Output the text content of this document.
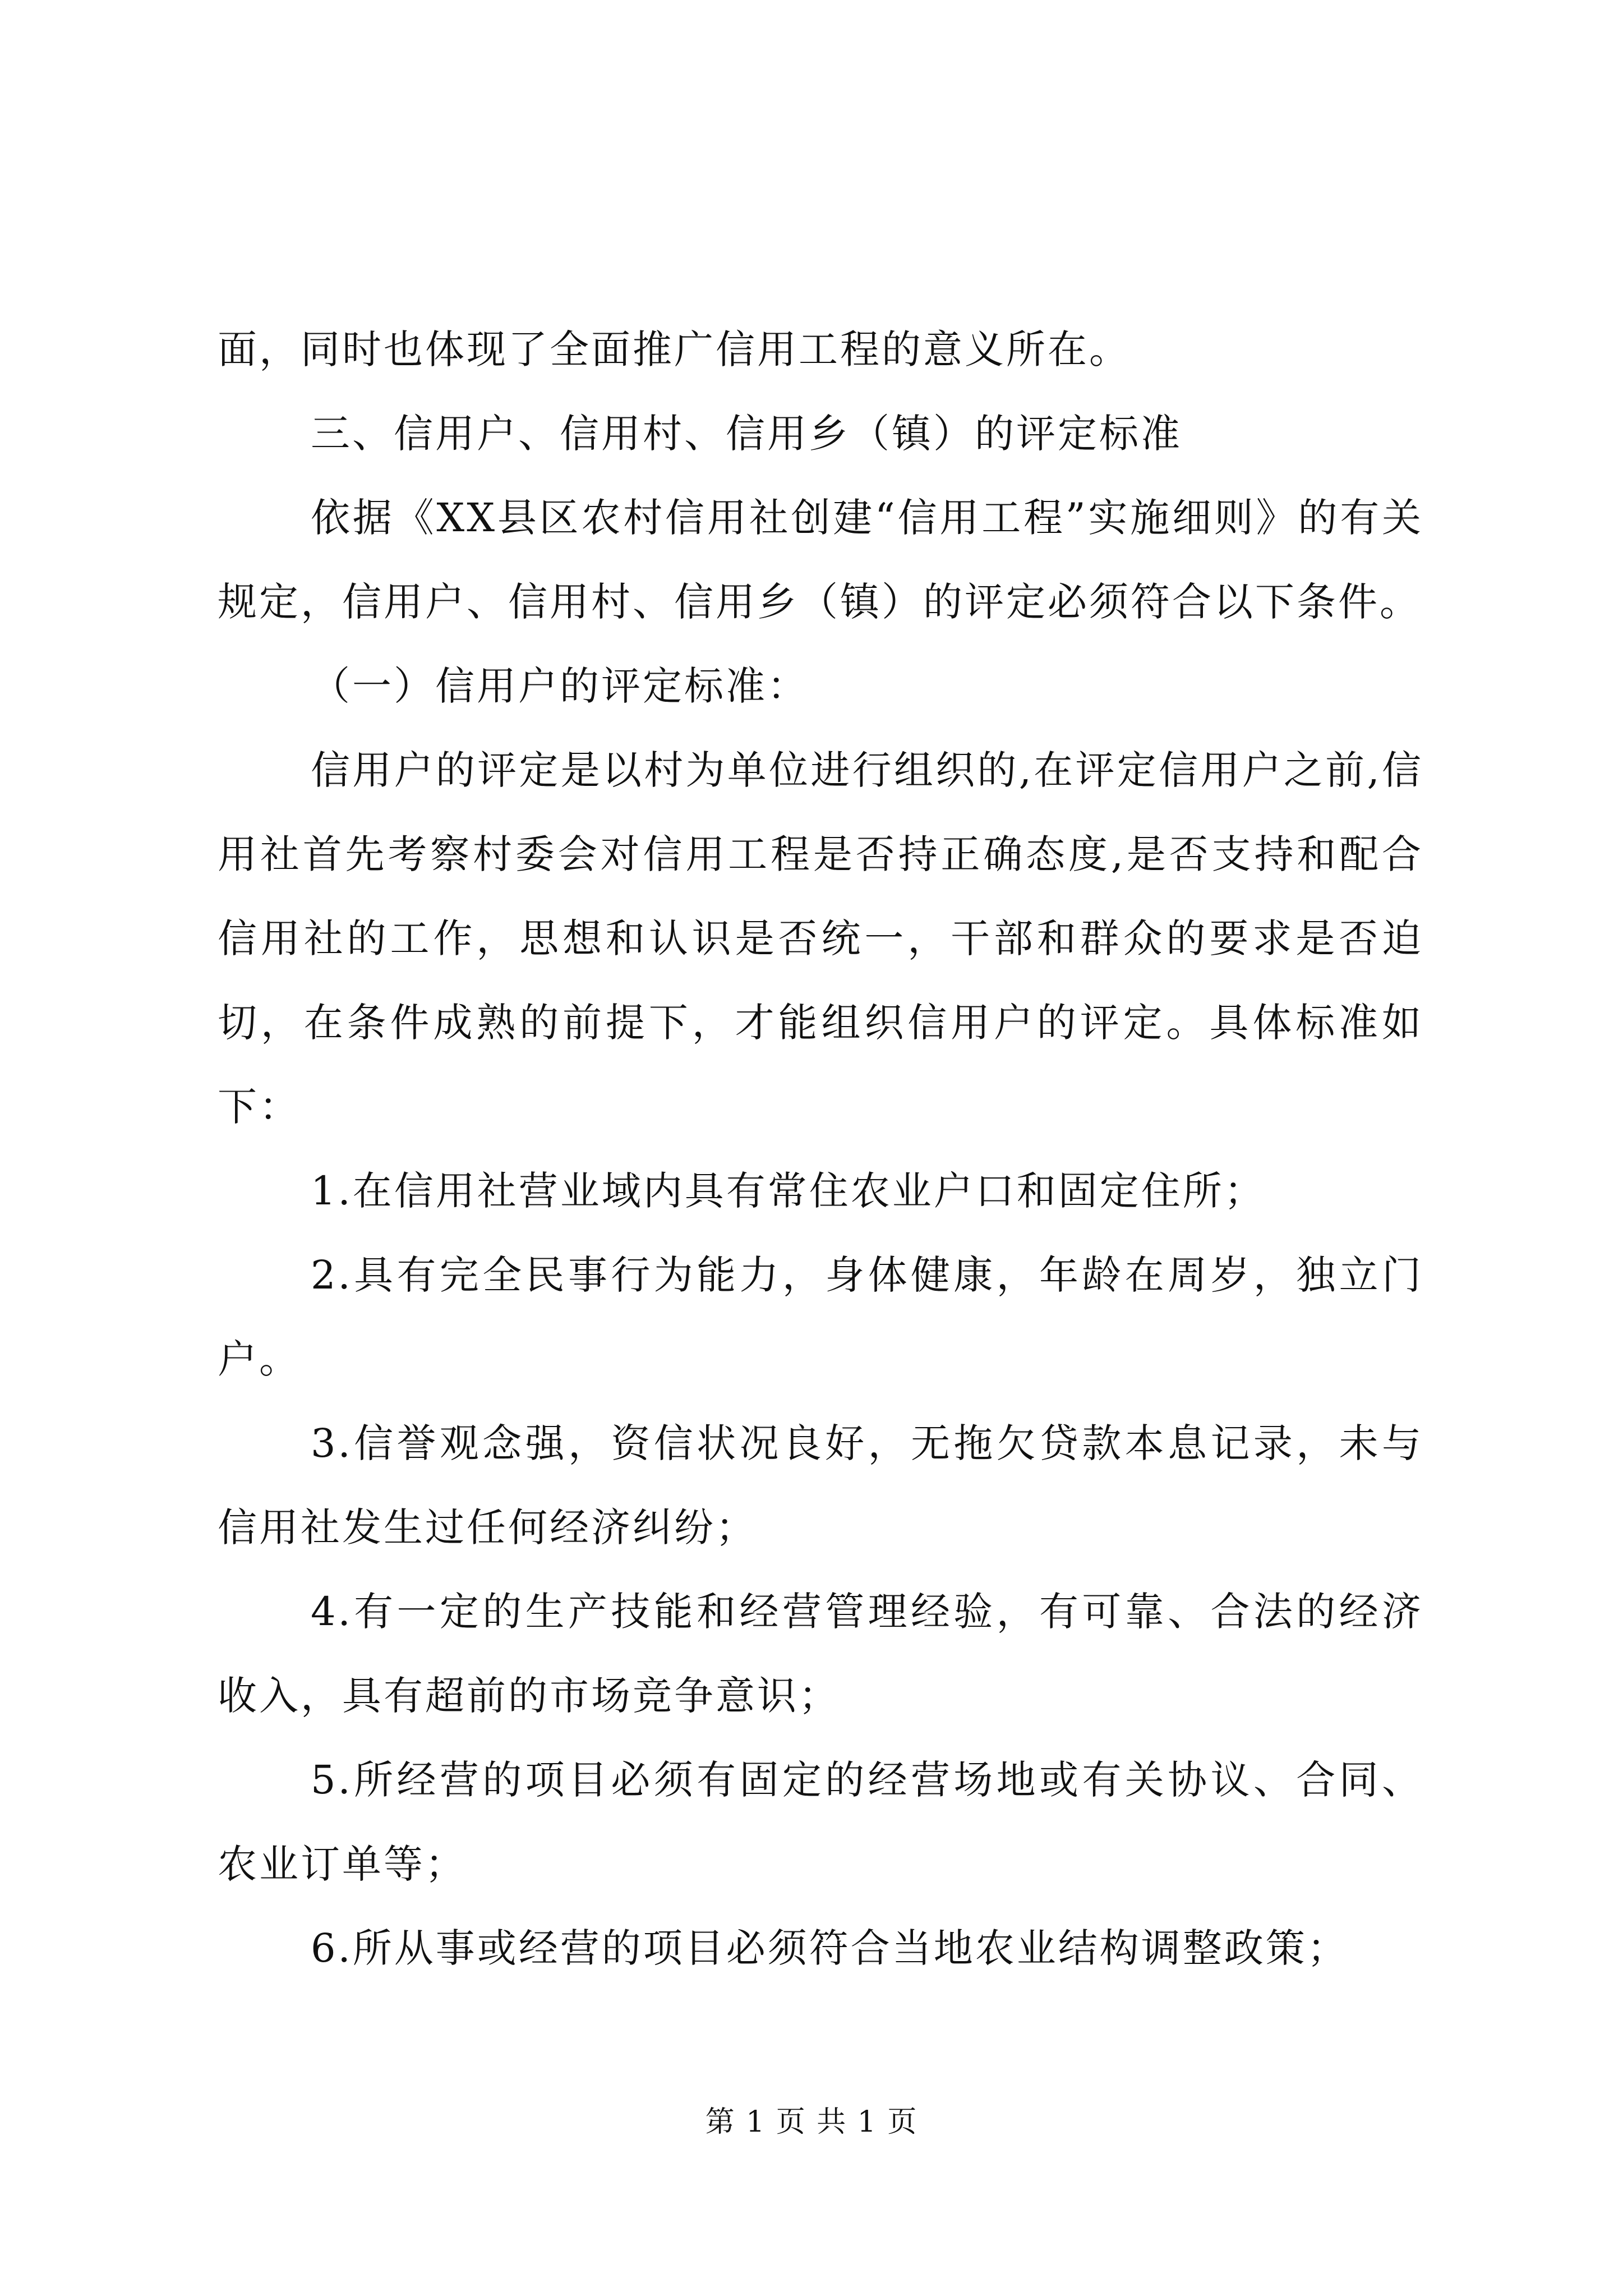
面，同时也体现了全面推广信用工程的意义所在。

三、信用户、信用村、信用乡（镇）的评定标准

依据《XX县区农村信用社创建“信用工程”实施细则》的有关规定，信用户、信用村、信用乡（镇）的评定必须符合以下条件。

（一）信用户的评定标准：

信用户的评定是以村为单位进行组织的,在评定信用户之前,信用社首先考察村委会对信用工程是否持正确态度,是否支持和配合信用社的工作，思想和认识是否统一，干部和群众的要求是否迫切，在条件成熟的前提下，才能组织信用户的评定。具体标准如下：

1.在信用社营业域内具有常住农业户口和固定住所；

2.具有完全民事行为能力，身体健康，年龄在周岁，独立门户。

3.信誉观念强，资信状况良好，无拖欠贷款本息记录，未与信用社发生过任何经济纠纷；

4.有一定的生产技能和经营管理经验，有可靠、合法的经济收入，具有超前的市场竞争意识；

5.所经营的项目必须有固定的经营场地或有关协议、合同、农业订单等；

6.所从事或经营的项目必须符合当地农业结构调整政策；

第 1 页 共 1 页
